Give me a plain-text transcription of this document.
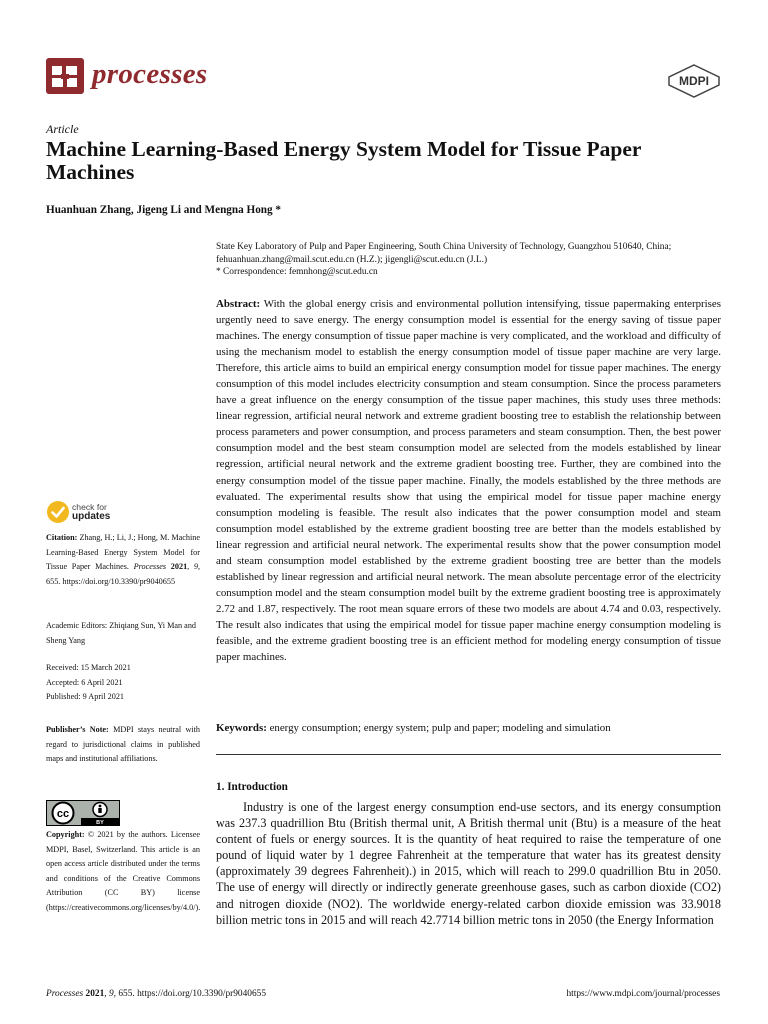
processes	MDPI
Article
Machine Learning-Based Energy System Model for Tissue Paper Machines
Huanhuan Zhang, Jigeng Li and Mengna Hong *
State Key Laboratory of Pulp and Paper Engineering, South China University of Technology, Guangzhou 510640, China; fehuanhuan.zhang@mail.scut.edu.cn (H.Z.); jigengli@scut.edu.cn (J.L.)
* Correspondence: femnhong@scut.edu.cn
Abstract: With the global energy crisis and environmental pollution intensifying, tissue papermaking enterprises urgently need to save energy. The energy consumption model is essential for the energy saving of tissue paper machines. The energy consumption of tissue paper machine is very complicated, and the workload and difficulty of using the mechanism model to establish the energy consumption model of tissue paper machine are very large. Therefore, this article aims to build an empirical energy consumption model for tissue paper machines. The energy consumption of this model includes electricity consumption and steam consumption. Since the process parameters have a great influence on the energy consumption of the tissue paper machines, this study uses three methods: linear regression, artificial neural network and extreme gradient boosting tree to establish the relationship between process parameters and power consumption, and process parameters and steam consumption. Then, the best power consumption model and the best steam consumption model are selected from the models established by linear regression, artificial neural network and the extreme gradient boosting tree. Further, they are combined into the energy consumption model of the tissue paper machine. Finally, the models established by the three methods are evaluated. The experimental results show that using the empirical model for tissue paper machine energy consumption modeling is feasible. The result also indicates that the power consumption model and steam consumption model established by the extreme gradient boosting tree are better than the models established by linear regression and artificial neural network. The experimental results show that the power consumption model and steam consumption model established by the extreme gradient boosting tree are better than the models established by linear regression and artificial neural network. The mean absolute percentage error of the electricity consumption model and the steam consumption model built by the extreme gradient boosting tree is approximately 2.72 and 1.87, respectively. The root mean square errors of these two models are about 4.74 and 0.03, respectively. The result also indicates that using the empirical model for tissue paper machine energy consumption modeling is feasible, and the extreme gradient boosting tree is an efficient method for modeling energy consumption of tissue paper machines.
Keywords: energy consumption; energy system; pulp and paper; modeling and simulation
1. Introduction
Industry is one of the largest energy consumption end-use sectors, and its energy consumption was 237.3 quadrillion Btu (British thermal unit, A British thermal unit (Btu) is a measure of the heat content of fuels or energy sources. It is the quantity of heat required to raise the temperature of one pound of liquid water by 1 degree Fahrenheit at the temperature that water has its greatest density (approximately 39 degrees Fahrenheit).) in 2015, which will reach to 299.0 quadrillion Btu in 2050. The use of energy will directly or indirectly generate greenhouse gases, such as carbon dioxide (CO2) and nitrogen dioxide (NO2). The worldwide energy-related carbon dioxide emission was 33.9018 billion metric tons in 2015 and will reach 42.7714 billion metric tons in 2050 (the Energy Information
check for
updates
Citation: Zhang, H.; Li, J.; Hong, M. Machine Learning-Based Energy System Model for Tissue Paper Machines. Processes 2021, 9, 655. https://doi.org/10.3390/pr9040655
Academic Editors: Zhiqiang Sun, Yi Man and Sheng Yang
Received: 15 March 2021
Accepted: 6 April 2021
Published: 9 April 2021
Publisher’s Note: MDPI stays neutral with regard to jurisdictional claims in published maps and institutional affiliations.
cc
BY
Copyright: © 2021 by the authors. Licensee MDPI, Basel, Switzerland. This article is an open access article distributed under the terms and conditions of the Creative Commons Attribution (CC BY) license (https://creativecommons.org/licenses/by/4.0/).
Processes 2021, 9, 655. https://doi.org/10.3390/pr9040655	https://www.mdpi.com/journal/processes
